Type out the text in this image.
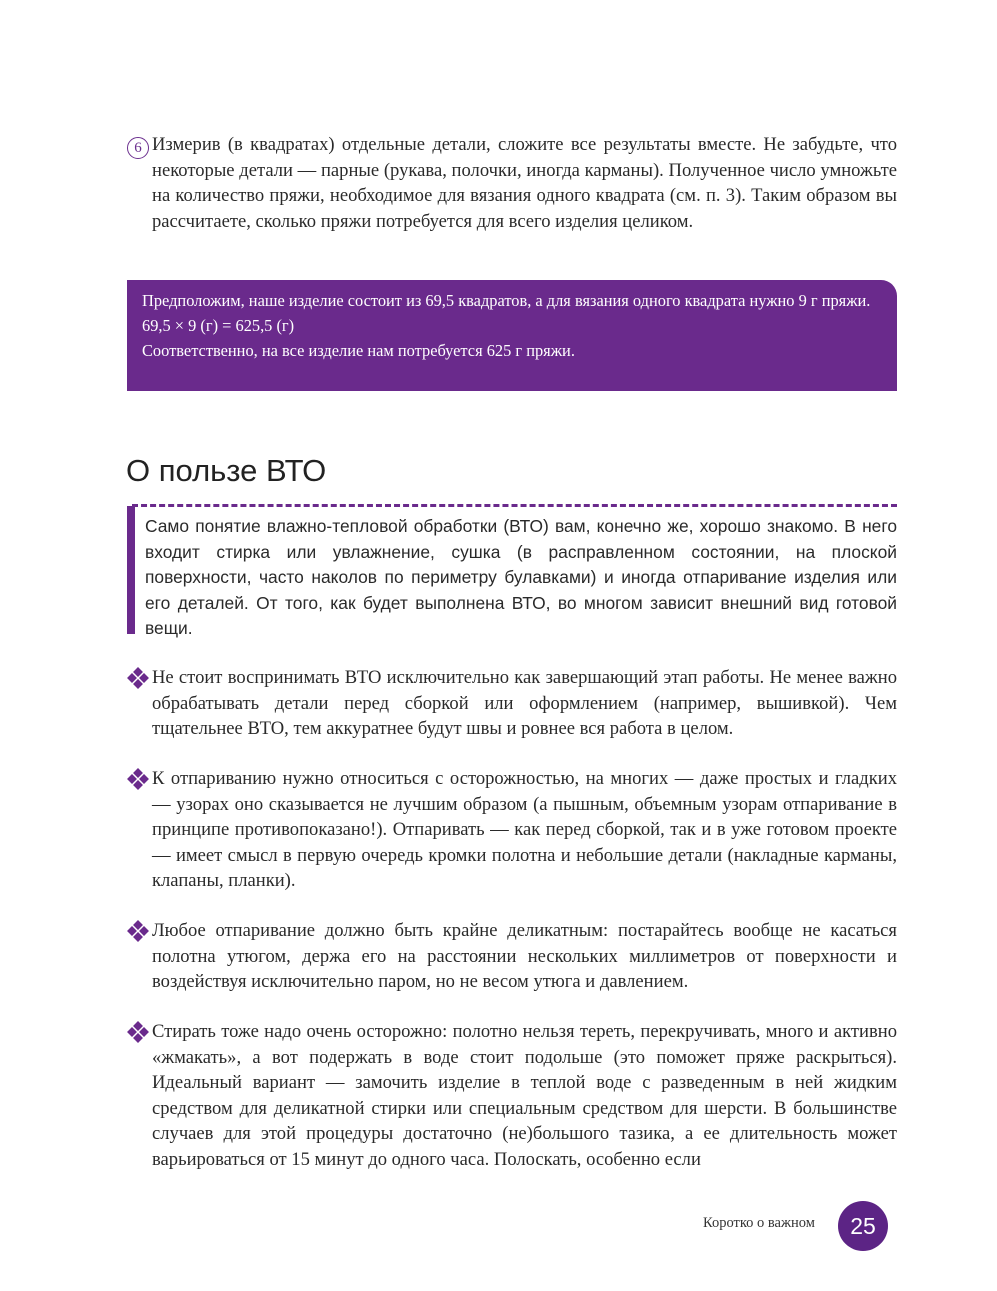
6 Измерив (в квадратах) отдельные детали, сложите все результаты вместе. Не забудьте, что некоторые детали — парные (рукава, полочки, иногда карманы). Полученное число умножьте на количество пряжи, необходимое для вязания одного квадрата (см. п. 3). Таким образом вы рассчитаете, сколько пряжи потребуется для всего изделия целиком.

Предположим, наше изделие состоит из 69,5 квадратов, а для вязания одного квадрата нужно 9 г пряжи.
69,5 × 9 (г) = 625,5 (г)
Соответственно, на все изделие нам потребуется 625 г пряжи.
О пользе ВТО

Само понятие влажно-тепловой обработки (ВТО) вам, конечно же, хорошо знакомо. В него входит стирка или увлажнение, сушка (в расправленном состоянии, на плоской поверхности, часто наколов по периметру булавками) и иногда отпаривание изделия или его деталей. От того, как будет выполнена ВТО, во многом зависит внешний вид готовой вещи.

Не стоит воспринимать ВТО исключительно как завершающий этап работы. Не менее важно обрабатывать детали перед сборкой или оформлением (например, вышивкой). Чем тщательнее ВТО, тем аккуратнее будут швы и ровнее вся работа в целом.

К отпариванию нужно относиться с осторожностью, на многих — даже простых и гладких — узорах оно сказывается не лучшим образом (а пышным, объемным узорам отпаривание в принципе противопоказано!). Отпаривать — как перед сборкой, так и в уже готовом проекте — имеет смысл в первую очередь кромки полотна и небольшие детали (накладные карманы, клапаны, планки).

Любое отпаривание должно быть крайне деликатным: постарайтесь вообще не касаться полотна утюгом, держа его на расстоянии нескольких миллиметров от поверхности и воздействуя исключительно паром, но не весом утюга и давлением.

Стирать тоже надо очень осторожно: полотно нельзя тереть, перекручивать, много и активно «жмакать», а вот подержать в воде стоит подольше (это поможет пряже раскрыться). Идеальный вариант — замочить изделие в теплой воде с разведенным в ней жидким средством для деликатной стирки или специальным средством для шерсти. В большинстве случаев для этой процедуры достаточно (не)большого тазика, а ее длительность может варьироваться от 15 минут до одного часа. Полоскать, особенно если

Коротко о важном	25
